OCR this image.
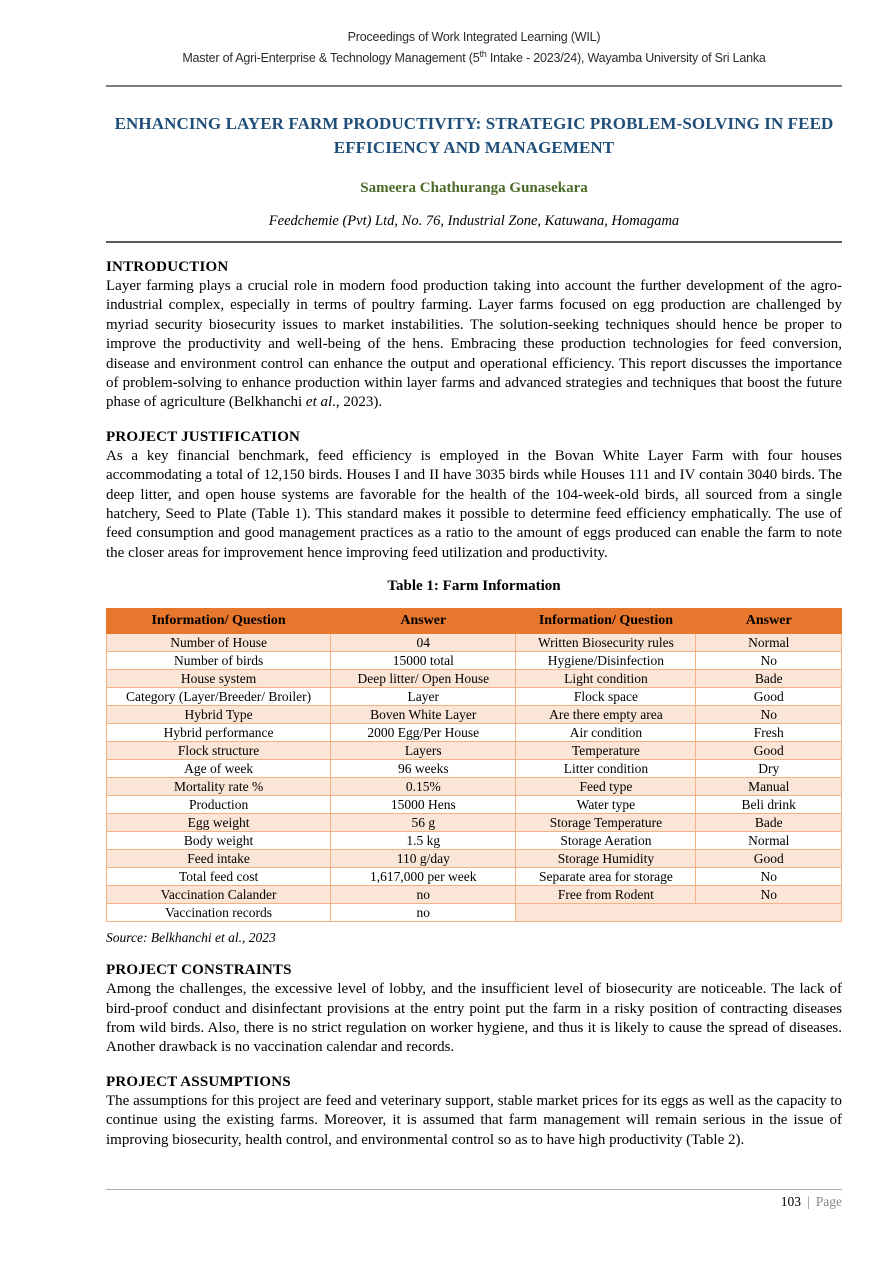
Proceedings of Work Integrated Learning (WIL)
Master of Agri-Enterprise & Technology Management (5th Intake - 2023/24), Wayamba University of Sri Lanka
ENHANCING LAYER FARM PRODUCTIVITY: STRATEGIC PROBLEM-SOLVING IN FEED EFFICIENCY AND MANAGEMENT
Sameera Chathuranga Gunasekara
Feedchemie (Pvt) Ltd, No. 76, Industrial Zone, Katuwana, Homagama
INTRODUCTION

Layer farming plays a crucial role in modern food production taking into account the further development of the agro-industrial complex, especially in terms of poultry farming. Layer farms focused on egg production are challenged by myriad security biosecurity issues to market instabilities. The solution-seeking techniques should hence be proper to improve the productivity and well-being of the hens. Embracing these production technologies for feed conversion, disease and environment control can enhance the output and operational efficiency. This report discusses the importance of problem-solving to enhance production within layer farms and advanced strategies and techniques that boost the future phase of agriculture (Belkhanchi et al., 2023).

PROJECT JUSTIFICATION

As a key financial benchmark, feed efficiency is employed in the Bovan White Layer Farm with four houses accommodating a total of 12,150 birds. Houses I and II have 3035 birds while Houses 111 and IV contain 3040 birds. The deep litter, and open house systems are favorable for the health of the 104-week-old birds, all sourced from a single hatchery, Seed to Plate (Table 1). This standard makes it possible to determine feed efficiency emphatically. The use of feed consumption and good management practices as a ratio to the amount of eggs produced can enable the farm to note the closer areas for improvement hence improving feed utilization and productivity.

Table 1: Farm Information
Information/ Question	Answer	Information/ Question	Answer
Number of House	04	Written Biosecurity rules	Normal
Number of birds	15000 total	Hygiene/Disinfection	No
House system	Deep litter/ Open House	Light condition	Bade
Category (Layer/Breeder/ Broiler)	Layer	Flock space	Good
Hybrid Type	Boven White Layer	Are there empty area	No
Hybrid performance	2000 Egg/Per House	Air condition	Fresh
Flock structure	Layers	Temperature	Good
Age of week	96 weeks	Litter condition	Dry
Mortality rate %	0.15%	Feed type	Manual
Production	15000 Hens	Water type	Beli drink
Egg weight	56 g	Storage Temperature	Bade
Body weight	1.5 kg	Storage Aeration	Normal
Feed intake	110 g/day	Storage Humidity	Good
Total feed cost	1,617,000 per week	Separate area for storage	No
Vaccination Calander	no	Free from Rodent	No
Vaccination records	no		
Source: Belkhanchi et al., 2023
PROJECT CONSTRAINTS

Among the challenges, the excessive level of lobby, and the insufficient level of biosecurity are noticeable. The lack of bird-proof conduct and disinfectant provisions at the entry point put the farm in a risky position of contracting diseases from wild birds. Also, there is no strict regulation on worker hygiene, and thus it is likely to cause the spread of diseases. Another drawback is no vaccination calendar and records.

PROJECT ASSUMPTIONS

The assumptions for this project are feed and veterinary support, stable market prices for its eggs as well as the capacity to continue using the existing farms. Moreover, it is assumed that farm management will remain serious in the issue of improving biosecurity, health control, and environmental control so as to have high productivity (Table 2).

103 | Page
